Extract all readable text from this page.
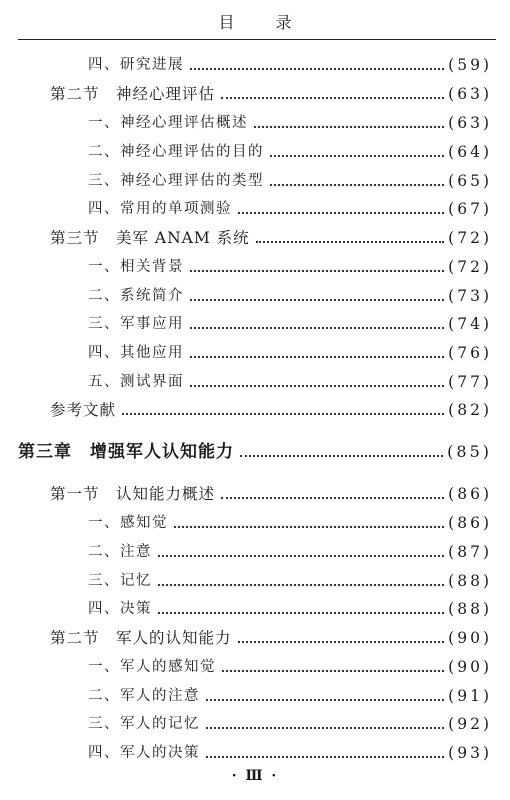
目 录
四、研究进展	(59)
第二节　神经心理评估	(63)
一、神经心理评估概述	(63)
二、神经心理评估的目的	(64)
三、神经心理评估的类型	(65)
四、常用的单项测验	(67)
第三节　美军 ANAM 系统	(72)
一、相关背景	(72)
二、系统简介	(73)
三、军事应用	(74)
四、其他应用	(76)
五、测试界面	(77)
参考文献	(82)
第三章　增强军人认知能力	(85)
第一节　认知能力概述	(86)
一、感知觉	(86)
二、注意	(87)
三、记忆	(88)
四、决策	(88)
第二节　军人的认知能力	(90)
一、军人的感知觉	(90)
二、军人的注意	(91)
三、军人的记忆	(92)
四、军人的决策	(93)
· Ⅲ ·
